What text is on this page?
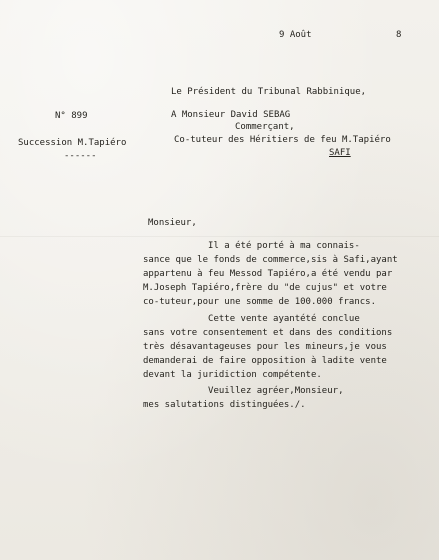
9 Août	8
N° 899
Succession M.Tapiéro
------
Le Président du Tribunal Rabbinique,
A Monsieur David SEBAG
Commerçant,
Co-tuteur des Héritiers de feu M.Tapiéro
SAFI
Monsieur,
Il a été porté à ma connais-
sance que le fonds de commerce,sis à Safi,ayant
appartenu à feu Messod Tapiéro,a été vendu par
M.Joseph Tapiéro,frère du "de cujus" et votre
co-tuteur,pour une somme de 100.000 francs.
Cette vente ayantété conclue
sans votre consentement et dans des conditions
très désavantageuses pour les mineurs,je vous
demanderai de faire opposition à ladite vente
devant la juridiction compétente.
Veuillez agréer,Monsieur,
mes salutations distinguées./.
